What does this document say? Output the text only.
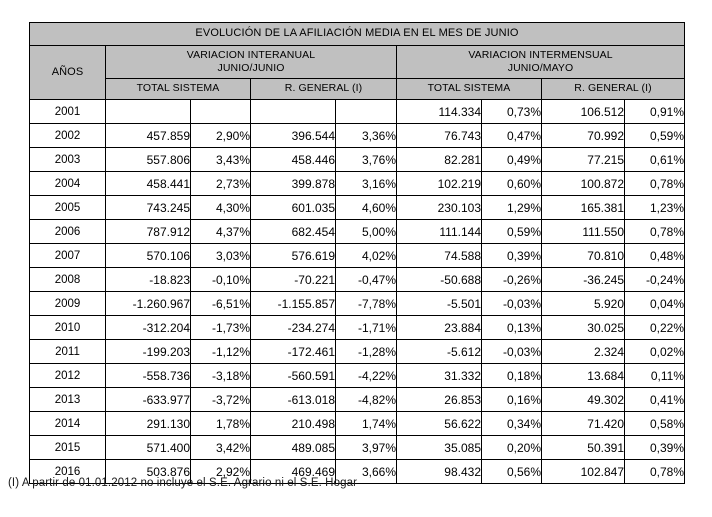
EVOLUCIÓN DE LA AFILIACIÓN MEDIA EN EL MES DE JUNIO								
AÑOS	
VARIACION INTERANUAL
JUNIO/JUNIO

VARIACION INTERMENSUAL
JUNIO/MAYO

	TOTAL SISTEMA		R. GENERAL (I)		TOTAL SISTEMA		R. GENERAL (I)	
2001					114.334	0,73%	106.512	0,91%
2002	457.859	2,90%	396.544	3,36%	76.743	0,47%	70.992	0,59%
2003	557.806	3,43%	458.446	3,76%	82.281	0,49%	77.215	0,61%
2004	458.441	2,73%	399.878	3,16%	102.219	0,60%	100.872	0,78%
2005	743.245	4,30%	601.035	4,60%	230.103	1,29%	165.381	1,23%
2006	787.912	4,37%	682.454	5,00%	111.144	0,59%	111.550	0,78%
2007	570.106	3,03%	576.619	4,02%	74.588	0,39%	70.810	0,48%
2008	-18.823	-0,10%	-70.221	-0,47%	-50.688	-0,26%	-36.245	-0,24%
2009	-1.260.967	-6,51%	-1.155.857	-7,78%	-5.501	-0,03%	5.920	0,04%
2010	-312.204	-1,73%	-234.274	-1,71%	23.884	0,13%	30.025	0,22%
2011	-199.203	-1,12%	-172.461	-1,28%	-5.612	-0,03%	2.324	0,02%
2012	-558.736	-3,18%	-560.591	-4,22%	31.332	0,18%	13.684	0,11%
2013	-633.977	-3,72%	-613.018	-4,82%	26.853	0,16%	49.302	0,41%
2014	291.130	1,78%	210.498	1,74%	56.622	0,34%	71.420	0,58%
2015	571.400	3,42%	489.085	3,97%	35.085	0,20%	50.391	0,39%
2016	503.876	2,92%	469.469	3,66%	98.432	0,56%	102.847	0,78%
(I) A partir de 01.01.2012 no incluye el S.E. Agrario ni el S.E. Hogar
